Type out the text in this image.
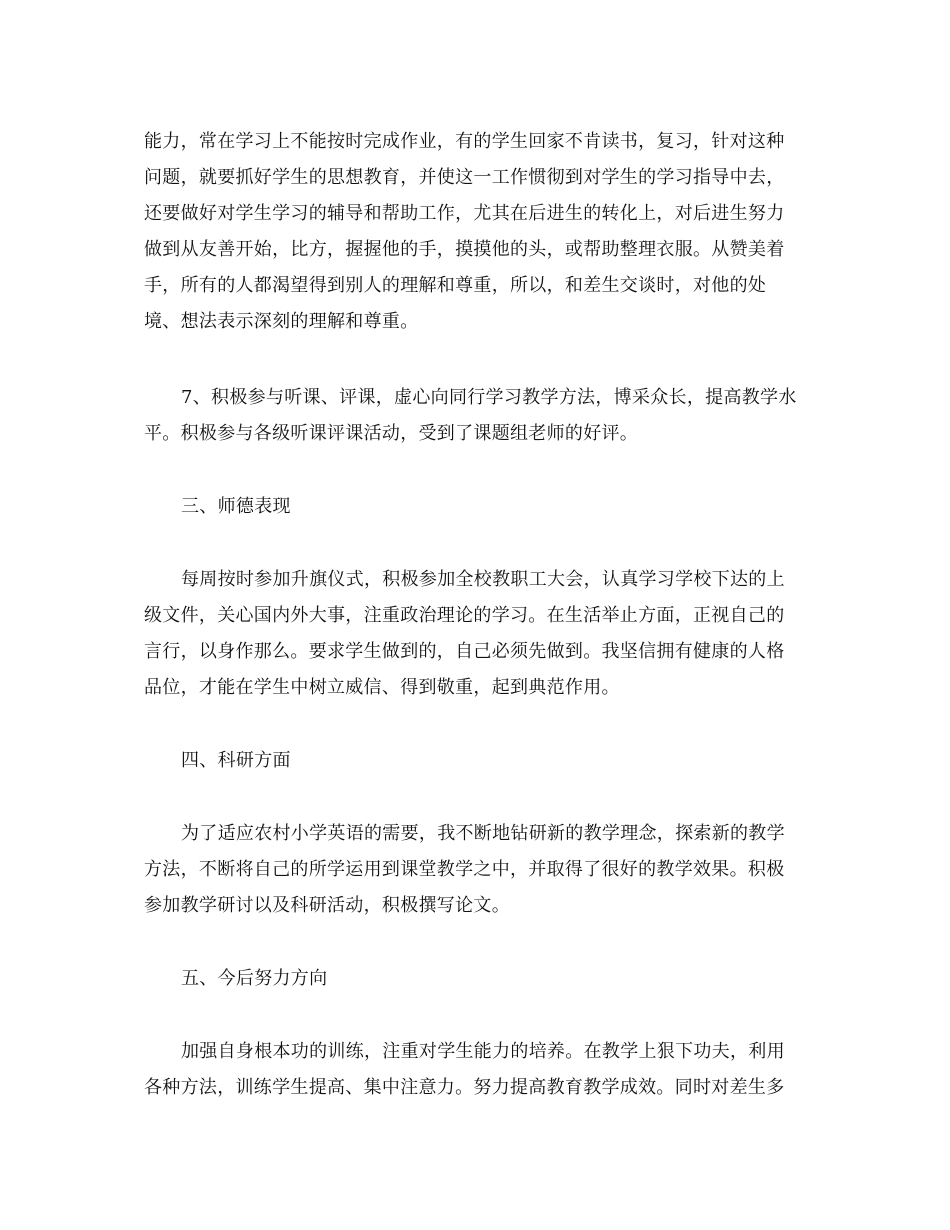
能力，常在学习上不能按时完成作业，有的学生回家不肯读书，复习，针对这种
问题，就要抓好学生的思想教育，并使这一工作惯彻到对学生的学习指导中去，
还要做好对学生学习的辅导和帮助工作，尤其在后进生的转化上，对后进生努力
做到从友善开始，比方，握握他的手，摸摸他的头，或帮助整理衣服。从赞美着
手，所有的人都渴望得到别人的理解和尊重，所以，和差生交谈时，对他的处
境、想法表示深刻的理解和尊重。
7、积极参与听课、评课，虚心向同行学习教学方法，博采众长，提高教学水
平。积极参与各级听课评课活动，受到了课题组老师的好评。
三、师德表现
每周按时参加升旗仪式，积极参加全校教职工大会，认真学习学校下达的上
级文件，关心国内外大事，注重政治理论的学习。在生活举止方面，正视自己的
言行，以身作那么。要求学生做到的，自己必须先做到。我坚信拥有健康的人格
品位，才能在学生中树立威信、得到敬重，起到典范作用。
四、科研方面
为了适应农村小学英语的需要，我不断地钻研新的教学理念，探索新的教学
方法，不断将自己的所学运用到课堂教学之中，并取得了很好的教学效果。积极
参加教学研讨以及科研活动，积极撰写论文。
五、今后努力方向
加强自身根本功的训练，注重对学生能力的培养。在教学上狠下功夫，利用
各种方法，训练学生提高、集中注意力。努力提高教育教学成效。同时对差生多
